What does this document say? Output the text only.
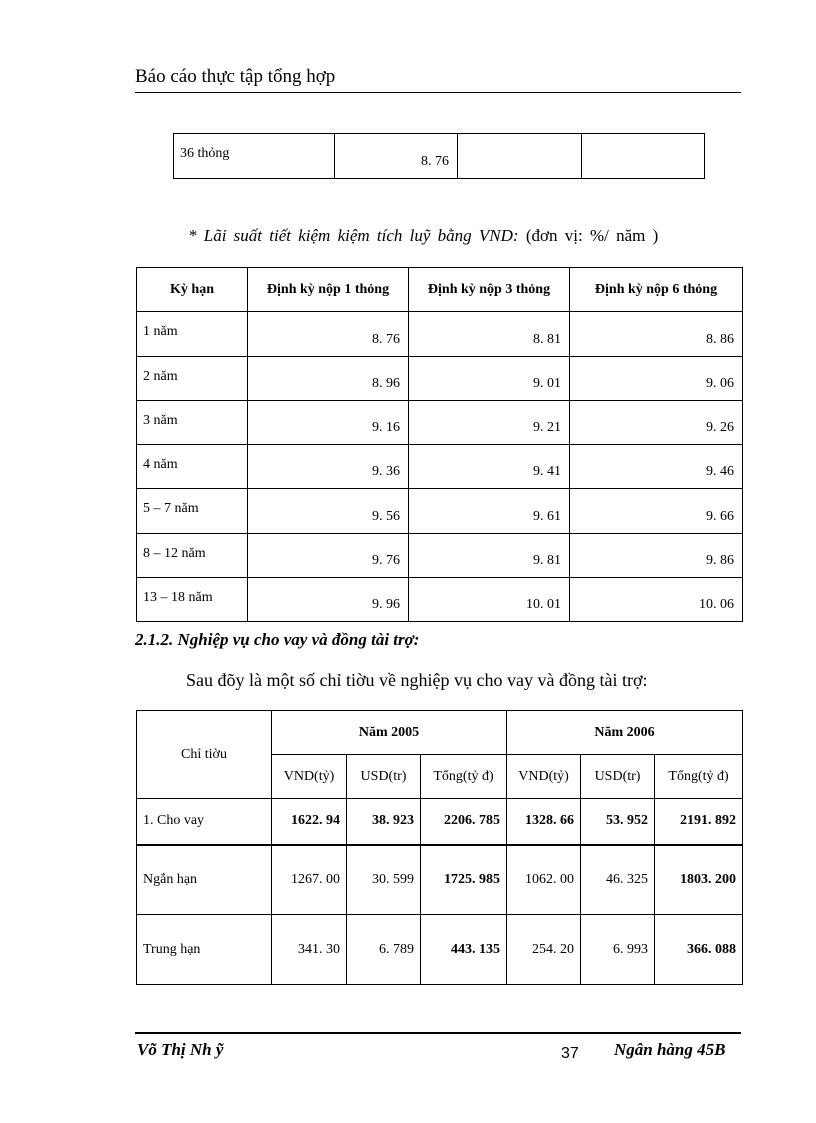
Báo cáo thực tập tổng hợp
36 thỏng	8. 76		
* Lãi suất tiết kiệm kiệm tích luỹ bằng VND: (đơn vị: %/ năm )
Kỳ hạn	Định kỳ nộp 1 thỏng	Định kỳ nộp 3 thỏng	Định kỳ nộp 6 thỏng
1 năm	8. 76	8. 81	8. 86
2 năm	8. 96	9. 01	9. 06
3 năm	9. 16	9. 21	9. 26
4 năm	9. 36	9. 41	9. 46
5 – 7 năm	9. 56	9. 61	9. 66
8 – 12 năm	9. 76	9. 81	9. 86
13 – 18 năm	9. 96	10. 01	10. 06
2.1.2. Nghiệp vụ cho vay và đồng tài trợ:
Sau đõy là một số chỉ tiờu về nghiệp vụ cho vay và đồng tài trợ:
Chỉ tiờu	Năm 2005			Năm 2006		
	VND(tỷ)	USD(tr)	Tổng(tỷ đ)	VND(tỷ)	USD(tr)	Tổng(tỷ đ)
1. Cho vay	1622. 94	38. 923	2206. 785	1328. 66	53. 952	2191. 892
Ngắn hạn	1267. 00	30. 599	1725. 985	1062. 00	46. 325	1803. 200
Trung hạn	341. 30	6. 789	443. 135	254. 20	6. 993	366. 088
Võ Thị Nh ỹ	37 Ngân hàng 45B
